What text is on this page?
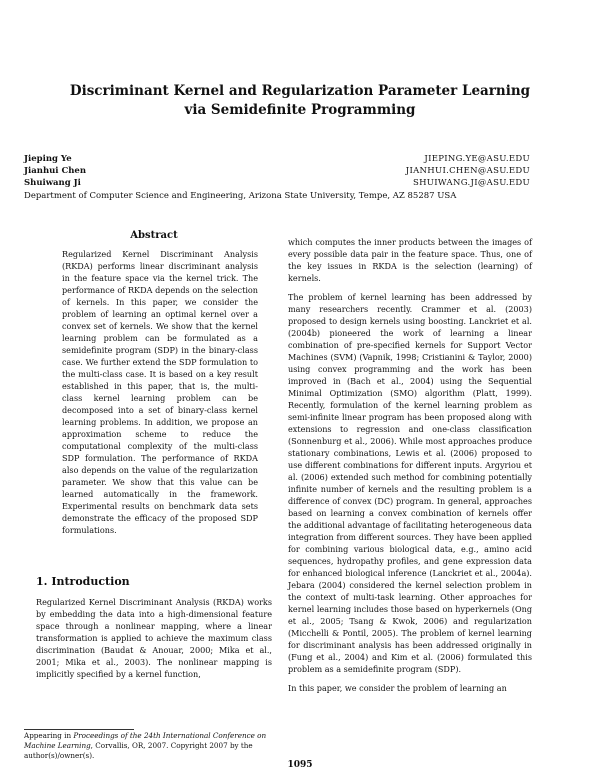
Discriminant Kernel and Regularization Parameter Learning via Semidefinite Programming
Jieping Ye	JIEPING.YE@ASU.EDU
Jianhui Chen	JIANHUI.CHEN@ASU.EDU
Shuiwang Ji	SHUIWANG.JI@ASU.EDU
Department of Computer Science and Engineering, Arizona State University, Tempe, AZ 85287 USA
Abstract
Regularized Kernel Discriminant Analysis (RKDA) performs linear discriminant analysis in the feature space via the kernel trick. The performance of RKDA depends on the selection of kernels. In this paper, we consider the problem of learning an optimal kernel over a convex set of kernels. We show that the kernel learning problem can be formulated as a semidefinite program (SDP) in the binary-class case. We further extend the SDP formulation to the multi-class case. It is based on a key result established in this paper, that is, the multi-class kernel learning problem can be decomposed into a set of binary-class kernel learning problems. In addition, we propose an approximation scheme to reduce the computational complexity of the multi-class SDP formulation. The performance of RKDA also depends on the value of the regularization parameter. We show that this value can be learned automatically in the framework. Experimental results on benchmark data sets demonstrate the efficacy of the proposed SDP formulations.
1. Introduction
Regularized Kernel Discriminant Analysis (RKDA) works by embedding the data into a high-dimensional feature space through a nonlinear mapping, where a linear transformation is applied to achieve the maximum class discrimination (Baudat & Anouar, 2000; Mika et al., 2001; Mika et al., 2003). The nonlinear mapping is implicitly specified by a kernel function,
Appearing in Proceedings of the 24th International Conference on Machine Learning, Corvallis, OR, 2007. Copyright 2007 by the author(s)/owner(s).

which computes the inner products between the images of every possible data pair in the feature space. Thus, one of the key issues in RKDA is the selection (learning) of kernels.

The problem of kernel learning has been addressed by many researchers recently. Crammer et al. (2003) proposed to design kernels using boosting. Lanckriet et al. (2004b) pioneered the work of learning a linear combination of pre-specified kernels for Support Vector Machines (SVM) (Vapnik, 1998; Cristianini & Taylor, 2000) using convex programming and the work has been improved in (Bach et al., 2004) using the Sequential Minimal Optimization (SMO) algorithm (Platt, 1999). Recently, formulation of the kernel learning problem as semi-infinite linear program has been proposed along with extensions to regression and one-class classification (Sonnenburg et al., 2006). While most approaches produce stationary combinations, Lewis et al. (2006) proposed to use different combinations for different inputs. Argyriou et al. (2006) extended such method for combining potentially infinite number of kernels and the resulting problem is a difference of convex (DC) program. In general, approaches based on learning a convex combination of kernels offer the additional advantage of facilitating heterogeneous data integration from different sources. They have been applied for combining various biological data, e.g., amino acid sequences, hydropathy profiles, and gene expression data for enhanced biological inference (Lanckriet et al., 2004a). Jebara (2004) considered the kernel selection problem in the context of multi-task learning. Other approaches for kernel learning includes those based on hyperkernels (Ong et al., 2005; Tsang & Kwok, 2006) and regularization (Micchelli & Pontil, 2005). The problem of kernel learning for discriminant analysis has been addressed originally in (Fung et al., 2004) and Kim et al. (2006) formulated this problem as a semidefinite program (SDP).

In this paper, we consider the problem of learning an

1095
